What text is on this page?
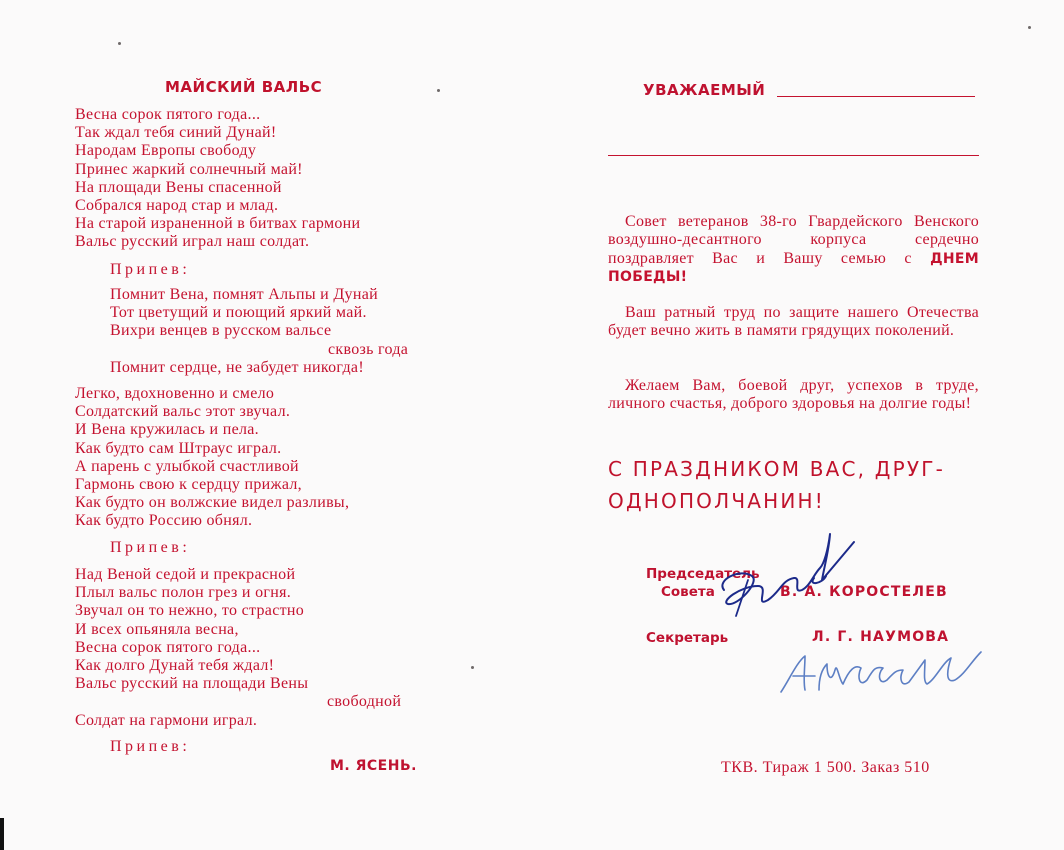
МАЙСКИЙ ВАЛЬС
Весна сорок пятого года...
Так ждал тебя синий Дунай!
Народам Европы свободу
Принес жаркий солнечный май!
На площади Вены спасенной
Собрался народ стар и млад.
На старой израненной в битвах гармони
Вальс русский играл наш солдат.
Припев:
Помнит Вена, помнят Альпы и Дунай
Тот цветущий и поющий яркий май.
Вихри венцев в русском вальсе
сквозь года
Помнит сердце, не забудет никогда!
Легко, вдохновенно и смело
Солдатский вальс этот звучал.
И Вена кружилась и пела.
Как будто сам Штраус играл.
А парень с улыбкой счастливой
Гармонь свою к сердцу прижал,
Как будто он волжские видел разливы,
Как будто Россию обнял.
Припев:
Над Веной седой и прекрасной
Плыл вальс полон грез и огня.
Звучал он то нежно, то страстно
И всех опьяняла весна,
Весна сорок пятого года...
Как долго Дунай тебя ждал!
Вальс русский на площади Вены
свободной
Солдат на гармони играл.
Припев:
М. ЯСЕНЬ.
УВАЖАЕМЫЙ
Совет ветеранов 38-го Гвардейского Венского воздушно-десантного корпуса сердечно поздравляет Вас и Вашу семью с ДНЕМ ПОБЕДЫ!
Ваш ратный труд по защите нашего Отечества будет вечно жить в памяти грядущих поколений.
Желаем Вам, боевой друг, успехов в труде, личного счастья, доброго здоровья на долгие годы!
С ПРАЗДНИКОМ ВАС, ДРУГ-
ОДНОПОЛЧАНИН!
Председатель
Совета	В. А. КОРОСТЕЛЕВ
Секретарь	Л. Г. НАУМОВА
ТКВ. Тираж 1 500. Заказ 510
